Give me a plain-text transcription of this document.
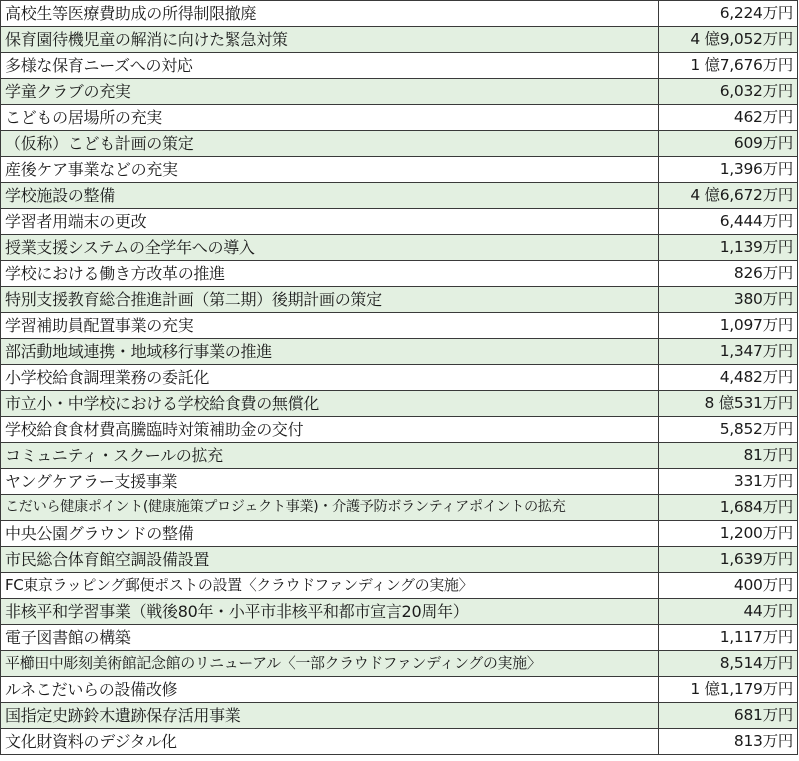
高校生等医療費助成の所得制限撤廃	6,224万円
保育園待機児童の解消に向けた緊急対策	4 億9,052万円
多様な保育ニーズへの対応	1 億7,676万円
学童クラブの充実	6,032万円
こどもの居場所の充実	462万円
（仮称）こども計画の策定	609万円
産後ケア事業などの充実	1,396万円
学校施設の整備	4 億6,672万円
学習者用端末の更改	6,444万円
授業支援システムの全学年への導入	1,139万円
学校における働き方改革の推進	826万円
特別支援教育総合推進計画（第二期）後期計画の策定	380万円
学習補助員配置事業の充実	1,097万円
部活動地域連携・地域移行事業の推進	1,347万円
小学校給食調理業務の委託化	4,482万円
市立小・中学校における学校給食費の無償化	8 億531万円
学校給食食材費高騰臨時対策補助金の交付	5,852万円
コミュニティ・スクールの拡充	81万円
ヤングケアラー支援事業	331万円
こだいら健康ポイント(健康施策プロジェクト事業)・介護予防ボランティアポイントの拡充	1,684万円
中央公園グラウンドの整備	1,200万円
市民総合体育館空調設備設置	1,639万円
FC東京ラッピング郵便ポストの設置〈クラウドファンディングの実施〉	400万円
非核平和学習事業（戦後80年・小平市非核平和都市宣言20周年）	44万円
電子図書館の構築	1,117万円
平櫛田中彫刻美術館記念館のリニューアル〈一部クラウドファンディングの実施〉	8,514万円
ルネこだいらの設備改修	1 億1,179万円
国指定史跡鈴木遺跡保存活用事業	681万円
文化財資料のデジタル化	813万円
